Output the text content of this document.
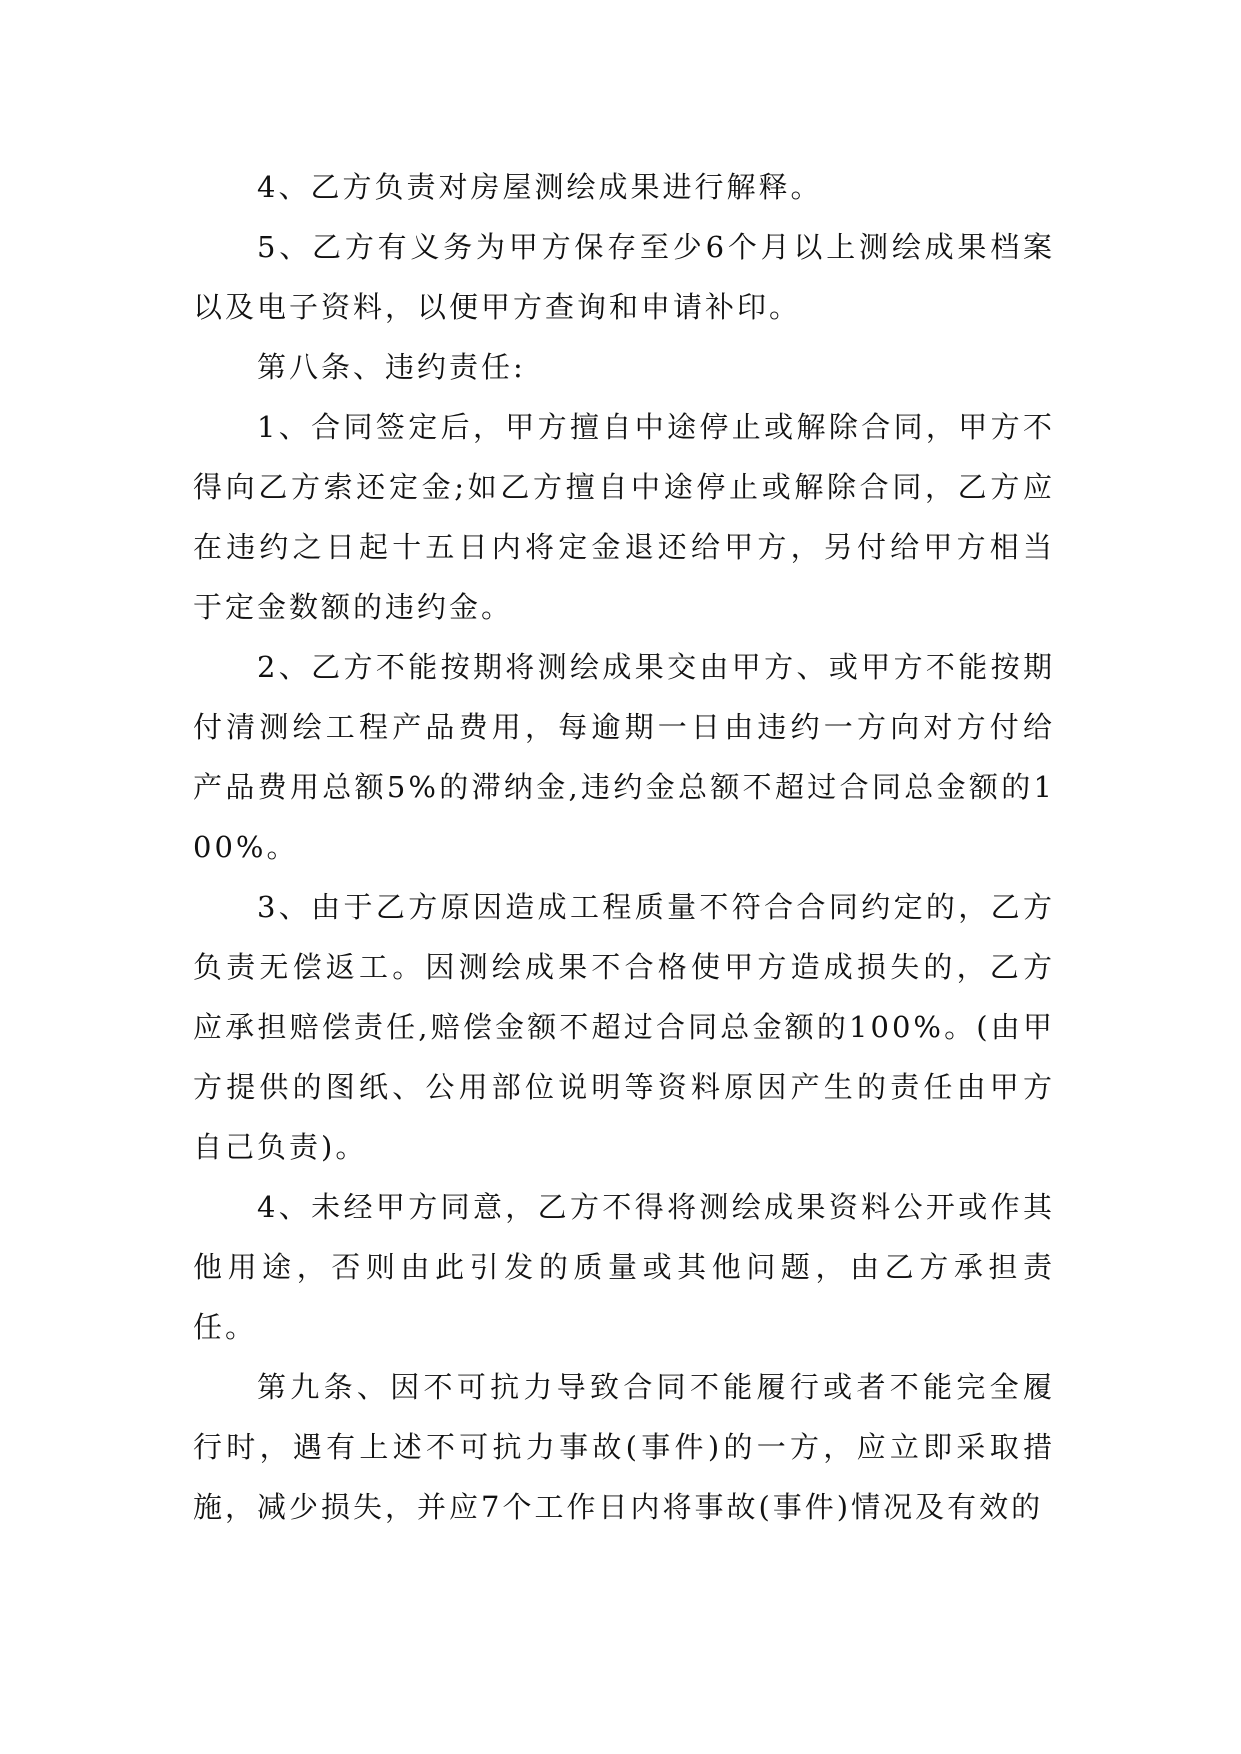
4、乙方负责对房屋测绘成果进行解释。

5、乙方有义务为甲方保存至少6个月以上测绘成果档案以及电子资料，以便甲方查询和申请补印。

第八条、违约责任:

1、合同签定后，甲方擅自中途停止或解除合同，甲方不得向乙方索还定金;如乙方擅自中途停止或解除合同，乙方应在违约之日起十五日内将定金退还给甲方，另付给甲方相当于定金数额的违约金。

2、乙方不能按期将测绘成果交由甲方、或甲方不能按期付清测绘工程产品费用，每逾期一日由违约一方向对方付给产品费用总额5%的滞纳金,违约金总额不超过合同总金额的100%。

3、由于乙方原因造成工程质量不符合合同约定的，乙方负责无偿返工。因测绘成果不合格使甲方造成损失的，乙方应承担赔偿责任,赔偿金额不超过合同总金额的100%。(由甲方提供的图纸、公用部位说明等资料原因产生的责任由甲方自己负责)。

4、未经甲方同意，乙方不得将测绘成果资料公开或作其他用途，否则由此引发的质量或其他问题，由乙方承担责任。

第九条、因不可抗力导致合同不能履行或者不能完全履行时，遇有上述不可抗力事故(事件)的一方，应立即采取措施，减少损失，并应7个工作日内将事故(事件)情况及有效的
